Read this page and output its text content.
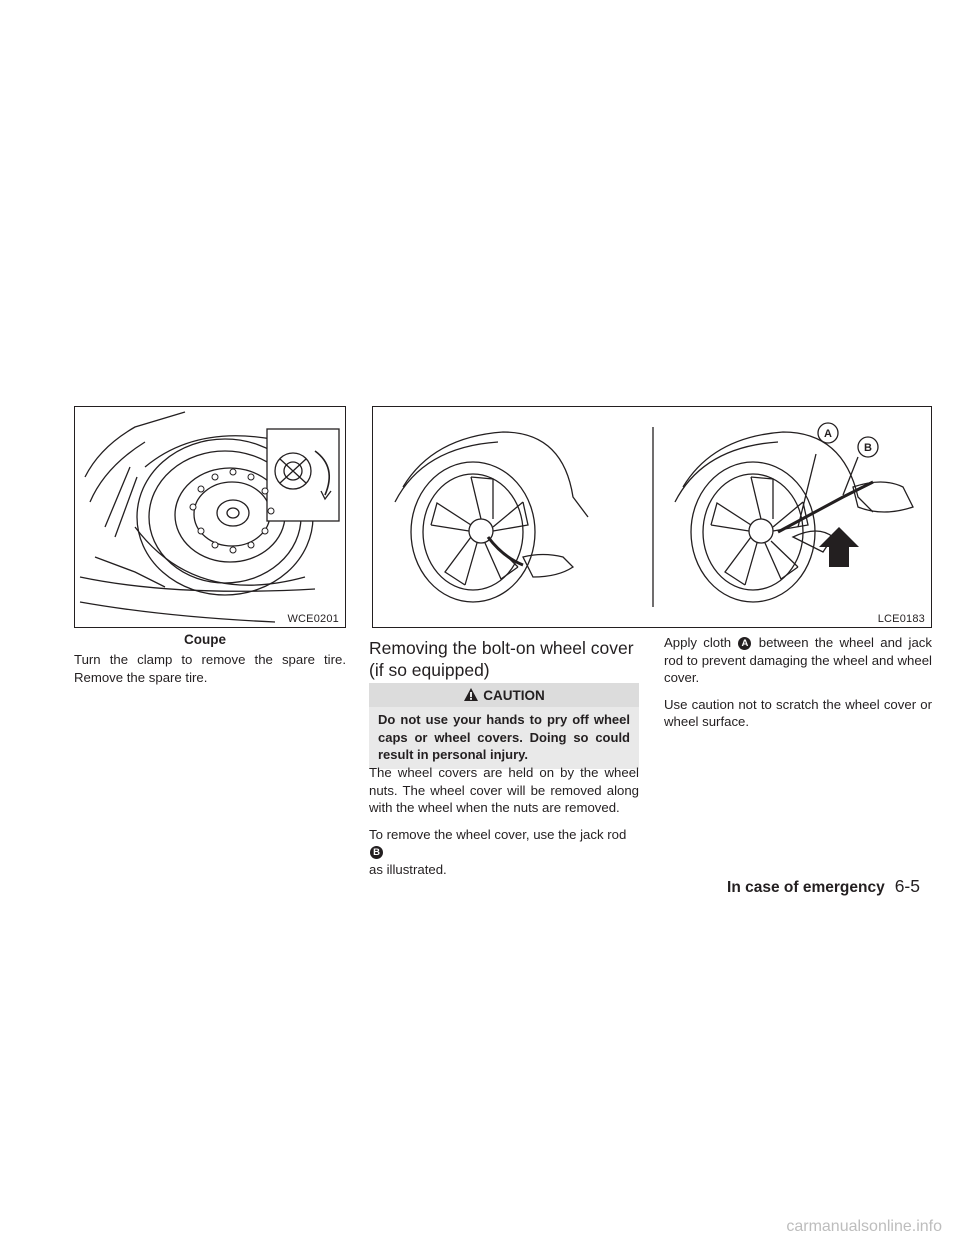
WCE0201
Coupe
A
B
LCE0183

Turn the clamp to remove the spare tire. Remove the spare tire.

Removing the bolt-on wheel cover (if so equipped)
CAUTION
Do not use your hands to pry off wheel caps or wheel covers. Doing so could result in personal injury.

The wheel covers are held on by the wheel nuts. The wheel cover will be removed along with the wheel when the nuts are removed.

To remove the wheel cover, use the jack rod B
as illustrated.

Apply cloth A between the wheel and jack rod to prevent damaging the wheel and wheel cover.

Use caution not to scratch the wheel cover or wheel surface.

In case of emergency 6-5
carmanualsonline.info
